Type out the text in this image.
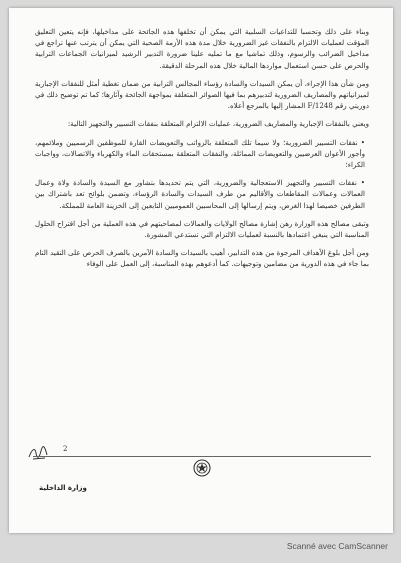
وبناء على ذلك وتحسبا للتداعيات السلبية التي يمكن أن تخلفها هذه الجائحة على مداخيلها، فإنه يتعين التعليق المؤقت لعمليات الالتزام بالنفقات غير الضرورية خلال مدة هذه الأزمة الصحية التي يمكن أن يترتب عنها تراجع في مداخيل الضرائب والرسوم، وذلك تماشيا مع ما تمليه علينا ضرورة التدبير الرشيد لميزانيات الجماعات الترابية والحرص على حسن استعمال مواردها المالية خلال هذه المرحلة الدقيقة.

ومن شأن هذا الإجراء، أن يمكن السيدات والسادة رؤساء المجالس الترابية من ضمان تغطية أمثل للنفقات الإجبارية لميزانياتهم والمصاريف الضرورية لتدبيرهم بما فيها الصوائر المتعلقة بمواجهة الجائحة وآثارها؛ كما تم توضيح ذلك في دوريتي رقم F/1248 المشار إليها بالمرجع أعلاه.

ويعني بالنفقات الإجبارية والمصاريف الضرورية، عمليات الالتزام المتعلقة بنفقات التسيير والتجهيز التالية:

• نفقات التسيير الضرورية؛ ولا سيما تلك المتعلقة بالرواتب والتعويضات القارة للموظفين الرسميين وملائمهم، وأجور الأعوان العرضيين والتعويضات المماثلة، والنفقات المتعلقة بمستحقات الماء والكهرباء والاتصالات، وواجبات الكراء؛

• نفقات التسيير والتجهيز الاستعجالية والضرورية، التي يتم تحديدها بتشاور مع السيدة والسادة ولاة وعمال العمالات وعمالات المقاطعات والأقاليم من طرف السيدات والسادة الرؤساء، وتضمن بلوائح تعد باشتراك بين الطرفين خصيصا لهذا الغرض، ويتم إرسالها إلى المحاسبين العموميين التابعين إلى الخزينة العامة للمملكة.

وتبقى مصالح هذه الوزارة رهن إشارة مصالح الولايات والعمالات لمصاحبتهم في هذه العملية من أجل اقتراح الحلول المناسبة التي ينبغي اعتمادها بالنسبة لعمليات الالتزام التي تستدعي المشورة.

ومن أجل بلوغ الأهداف المرجوة من هذه التدابير، أهيب بالسيدات والسادة الآمرين بالصرف الحرص على التقيد التام بما جاء في هذه الدورية من مضامين وتوجيهات. كما أدعوهم بهذه المناسبة، إلى العمل على الوفاء

2
وزارة الداخلية
Scanné avec CamScanner
